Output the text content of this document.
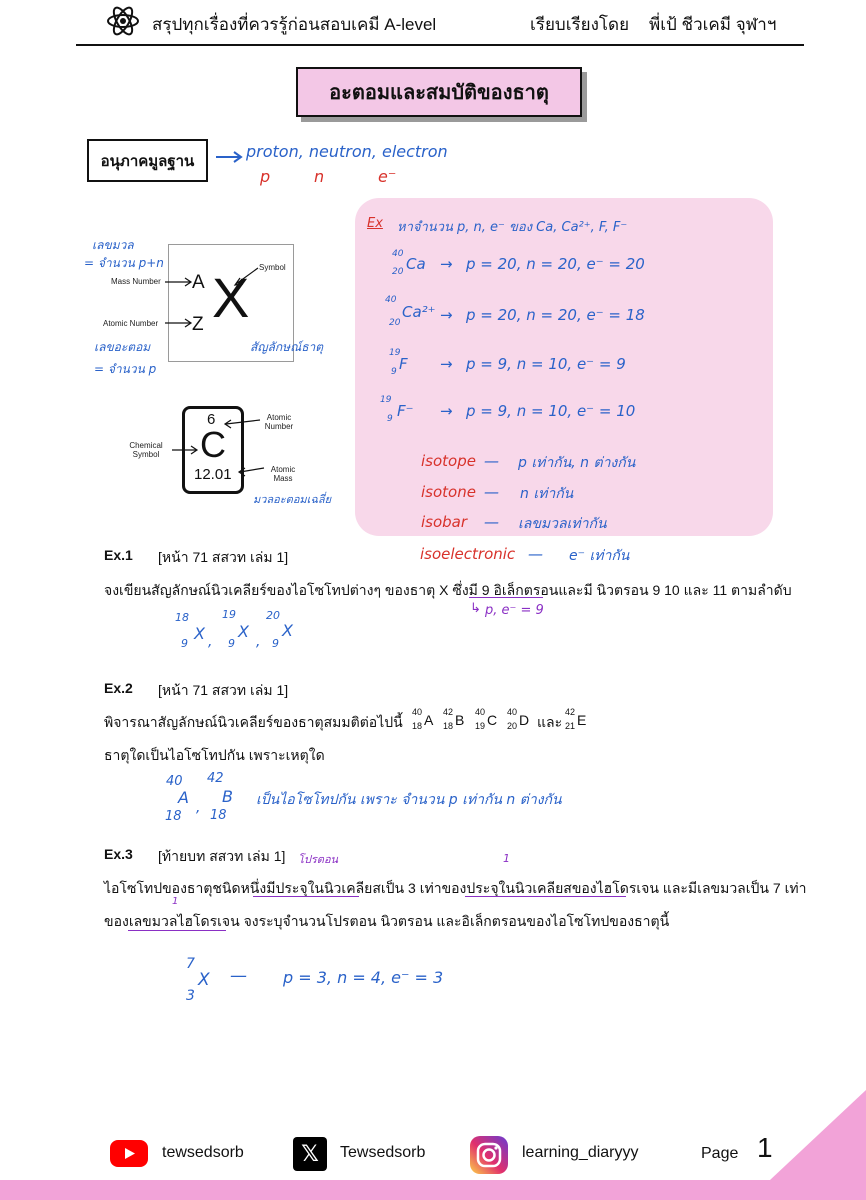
สรุปทุกเรื่องที่ควรรู้ก่อนสอบเคมี A-level	เรียบเรียงโดย พี่เป้ ชีวเคมี จุฬาฯ
อะตอมและสมบัติของธาตุ
อนุภาคมูลฐาน	proton, neutron, electron
p	n	e⁻
X
A
Z
Mass Number
Atomic Number
Symbol
เลขมวล
= จำนวน p+n
เลขอะตอม
= จำนวน p
สัญลักษณ์ธาตุ
6
C
12.01
Chemical Symbol
Atomic Number
Atomic Mass
มวลอะตอมเฉลี่ย
Ex หาจำนวน p, n, e⁻ ของ Ca, Ca²⁺, F, F⁻
40
20 Ca → p = 20, n = 20, e⁻ = 20
40
20
Ca²⁺ → p = 20, n = 20, e⁻ = 18
19
9 F → p = 9, n = 10, e⁻ = 9
19
9 F⁻ → p = 9, n = 10, e⁻ = 10
isotope — p เท่ากัน, n ต่างกัน
isotone — n เท่ากัน
isobar — เลขมวลเท่ากัน
isoelectronic — e⁻ เท่ากัน
Ex.1 [หน้า 71 สสวท เล่ม 1]
จงเขียนสัญลักษณ์นิวเคลียร์ของไอโซโทปต่างๆ ของธาตุ X ซึ่งมี 9 อิเล็กตรอนและมี นิวตรอน 9 10 และ 11 ตามลำดับ
↳ p, e⁻ = 9
18
9
X ,
19
9
X
,
20
9
X
Ex.2 [หน้า 71 สสวท เล่ม 1]
พิจารณาสัญลักษณ์นิวเคลียร์ของธาตุสมมติต่อไปนี้
40
18 A 42
18 B 40
19 C 40
20 D และ
42
21 E
ธาตุใดเป็นไอโซโทปกัน เพราะเหตุใด
40
18
A
,
42
18
B เป็นไอโซโทปกัน เพราะ จำนวน p เท่ากัน n ต่างกัน
Ex.3 [ท้ายบท สสวท เล่ม 1] โปรตอน	1
ไอโซโทปของธาตุชนิดหนึ่งมีประจุในนิวเคลียสเป็น 3 เท่าของประจุในนิวเคลียสของไฮโดรเจน และมีเลขมวลเป็น 7 เท่า
1
ของเลขมวลไฮโดรเจน จงระบุจำนวนโปรตอน นิวตรอน และอิเล็กตรอนของไอโซโทปของธาตุนี้
7
3
X — p = 3, n = 4, e⁻ = 3
tewsedsorb	𝕏	Tewsedsorb	learning_diaryyy	Page 1
